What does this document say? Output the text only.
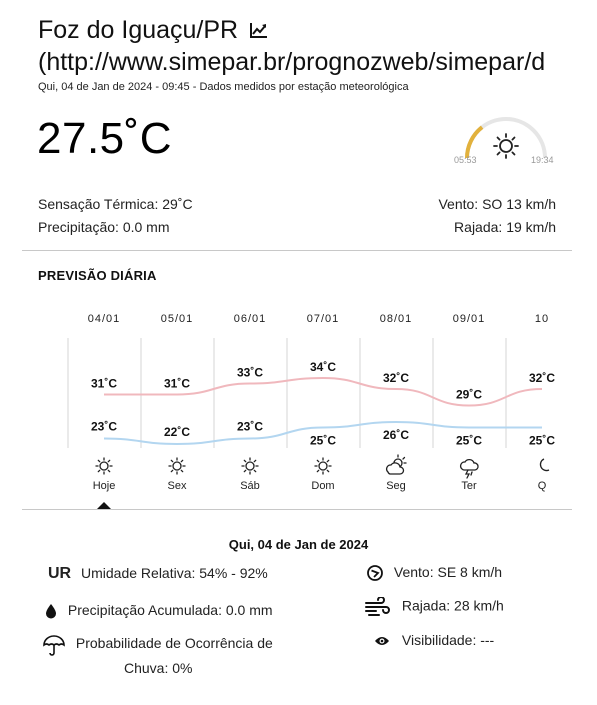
Foz do Iguaçu/PR
(http://www.simepar.br/prognozweb/simepar/d
Qui, 04 de Jan de 2024 - 09:45 - Dados medidos por estação meteorológica
27.5˚C	05:53	19:34
Sensação Térmica: 29˚C
Precipitação: 0.0 mm
Vento: SO 13 km/h
Rajada: 19 km/h
PREVISÃO DIÁRIA
04/01
31˚C
23˚C
Hoje
05/01
31˚C
22˚C
Sex
06/01
33˚C
23˚C
Sáb
07/01
34˚C
25˚C
Dom
08/01
32˚C
26˚C
Seg
09/01
29˚C
25˚C
Ter
10
32˚C
25˚C
Q
Qui, 04 de Jan de 2024
UR Umidade Relativa: 54% - 92%
Precipitação Acumulada: 0.0 mm
Probabilidade de Ocorrência de
Chuva: 0%
Vento: SE 8 km/h
Rajada: 28 km/h
Visibilidade: ---
